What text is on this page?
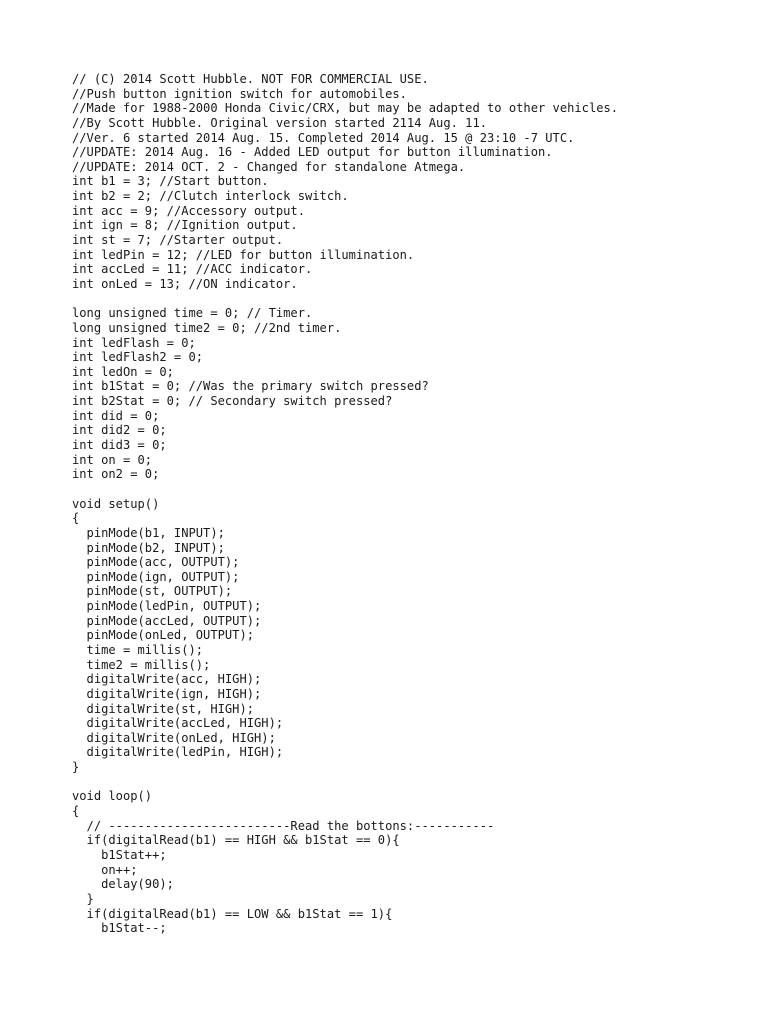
// (C) 2014 Scott Hubble. NOT FOR COMMERCIAL USE.
//Push button ignition switch for automobiles.
//Made for 1988-2000 Honda Civic/CRX, but may be adapted to other vehicles.
//By Scott Hubble. Original version started 2114 Aug. 11.
//Ver. 6 started 2014 Aug. 15. Completed 2014 Aug. 15 @ 23:10 -7 UTC.
//UPDATE: 2014 Aug. 16 - Added LED output for button illumination.
//UPDATE: 2014 OCT. 2 - Changed for standalone Atmega.
int b1 = 3; //Start button.
int b2 = 2; //Clutch interlock switch.
int acc = 9; //Accessory output.
int ign = 8; //Ignition output.
int st = 7; //Starter output.
int ledPin = 12; //LED for button illumination.
int accLed = 11; //ACC indicator.
int onLed = 13; //ON indicator.
long unsigned time = 0; // Timer.
long unsigned time2 = 0; //2nd timer.
int ledFlash = 0;
int ledFlash2 = 0;
int ledOn = 0;
int b1Stat = 0; //Was the primary switch pressed?
int b2Stat = 0; // Secondary switch pressed?
int did = 0;
int did2 = 0;
int did3 = 0;
int on = 0;
int on2 = 0;
void setup()
{
pinMode(b1, INPUT);
pinMode(b2, INPUT);
pinMode(acc, OUTPUT);
pinMode(ign, OUTPUT);
pinMode(st, OUTPUT);
pinMode(ledPin, OUTPUT);
pinMode(accLed, OUTPUT);
pinMode(onLed, OUTPUT);
time = millis();
time2 = millis();
digitalWrite(acc, HIGH);
digitalWrite(ign, HIGH);
digitalWrite(st, HIGH);
digitalWrite(accLed, HIGH);
digitalWrite(onLed, HIGH);
digitalWrite(ledPin, HIGH);
}
void loop()
{
// -------------------------Read the bottons:-----------
if(digitalRead(b1) == HIGH && b1Stat == 0){
b1Stat++;
on++;
delay(90);
}
if(digitalRead(b1) == LOW && b1Stat == 1){
b1Stat--;
